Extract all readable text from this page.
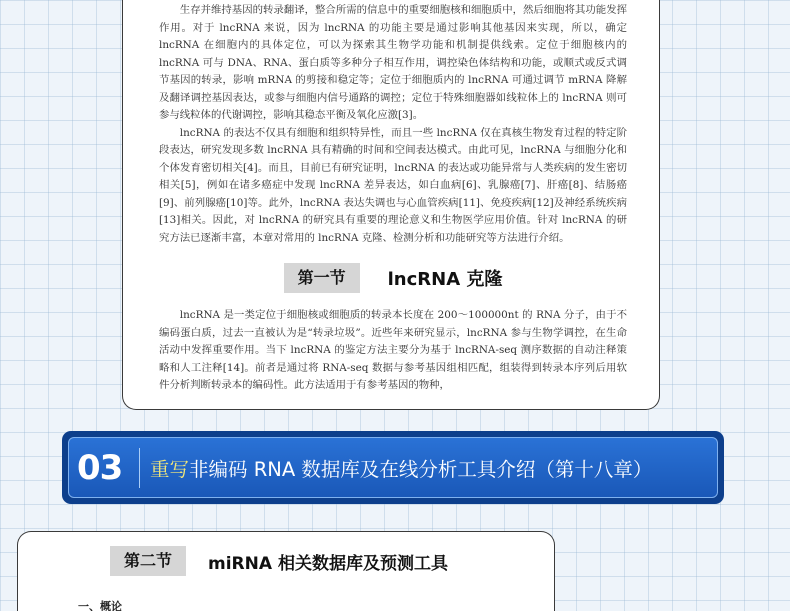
生存并维持基因的转录翻译，整合所需的信息中的重要细胞核和细胞质中，然后细胞将其功能发挥作用。对于 lncRNA 来说，因为 lncRNA 的功能主要是通过影响其他基因来实现，所以，确定 lncRNA 在细胞内的具体定位，可以为探索其生物学功能和机制提供线索。定位于细胞核内的 lncRNA 可与 DNA、RNA、蛋白质等多种分子相互作用，调控染色体结构和功能，或顺式或反式调节基因的转录，影响 mRNA 的剪接和稳定等；定位于细胞质内的 lncRNA 可通过调节 mRNA 降解及翻译调控基因表达，或参与细胞内信号通路的调控；定位于特殊细胞器如线粒体上的 lncRNA 则可参与线粒体的代谢调控，影响其稳态平衡及氧化应激[3]。

lncRNA 的表达不仅具有细胞和组织特异性，而且一些 lncRNA 仅在真核生物发育过程的特定阶段表达，研究发现多数 lncRNA 具有精确的时间和空间表达模式。由此可见，lncRNA 与细胞分化和个体发育密切相关[4]。而且，目前已有研究证明，lncRNA 的表达或功能异常与人类疾病的发生密切相关[5]，例如在诸多癌症中发现 lncRNA 差异表达，如白血病[6]、乳腺癌[7]、肝癌[8]、结肠癌[9]、前列腺癌[10]等。此外，lncRNA 表达失调也与心血管疾病[11]、免疫疾病[12]及神经系统疾病[13]相关。因此，对 lncRNA 的研究具有重要的理论意义和生物医学应用价值。针对 lncRNA 的研究方法已逐渐丰富，本章对常用的 lncRNA 克隆、检测分析和功能研究等方法进行介绍。

第一节	lncRNA 克隆

lncRNA 是一类定位于细胞核或细胞质的转录本长度在 200～100000nt 的 RNA 分子，由于不编码蛋白质，过去一直被认为是“转录垃圾”。近些年来研究显示，lncRNA 参与生物学调控，在生命活动中发挥重要作用。当下 lncRNA 的鉴定方法主要分为基于 lncRNA-seq 测序数据的自动注释策略和人工注释[14]。前者是通过将 RNA-seq 数据与参考基因组相匹配，组装得到转录本序列后用软件分析判断转录本的编码性。此方法适用于有参考基因的物种，

03	重写非编码 RNA 数据库及在线分析工具介绍（第十八章）
第二节	miRNA 相关数据库及预测工具
一、概论
